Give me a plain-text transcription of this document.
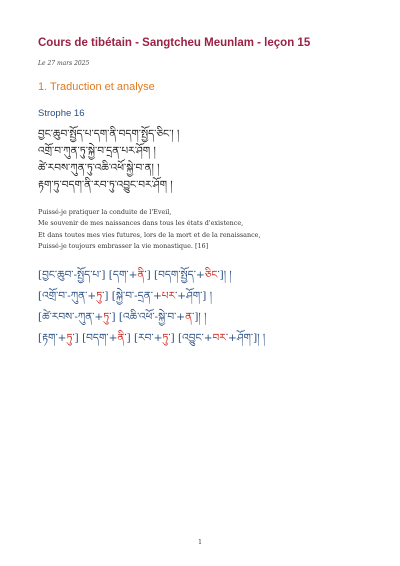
Cours de tibétain - Sangtcheu Meunlam - leçon 15
Le 27 mars 2025
1. Traduction et analyse
Strophe 16
བྱང་ཆུབ་སྤྱོད་པ་དག་ནི་བདག་སྤྱོད་ཅིང་། །
འགྲོ་བ་ཀུན་ཏུ་སྐྱེ་བ་དྲན་པར་ཤོག །
ཚེ་རབས་ཀུན་ཏུ་འཆི་འཕོ་སྐྱེ་བ་ན། །
རྟག་ཏུ་བདག་ནི་རབ་ཏུ་འབྱུང་བར་ཤོག །
Puissé-je pratiquer la conduite de l'Eveil,
Me souvenir de mes naissances dans tous les états d'existence,
Et dans toutes mes vies futures, lors de la mort et de la renaissance,
Puissé-je toujours embrasser la vie monastique. [16]
[བྱང་ཆུབ་-སྤྱོད་པ་] [དག་+ནི་] [བདག་སྤྱོད་+ཅིང་]། །
[འགྲོ་བ་-ཀུན་+ཏུ་] [སྐྱེ་བ་-དྲན་+པར་+ཤོག་] །
[ཚེ་རབས་-ཀུན་+ཏུ་] [འཆི་འཕོ་-སྐྱེ་བ་+ན་]། །
[རྟག་+ཏུ་] [བདག་+ནི་] [རབ་+ཏུ་] [འབྱུང་+བར་+ཤོག་]། །
1
